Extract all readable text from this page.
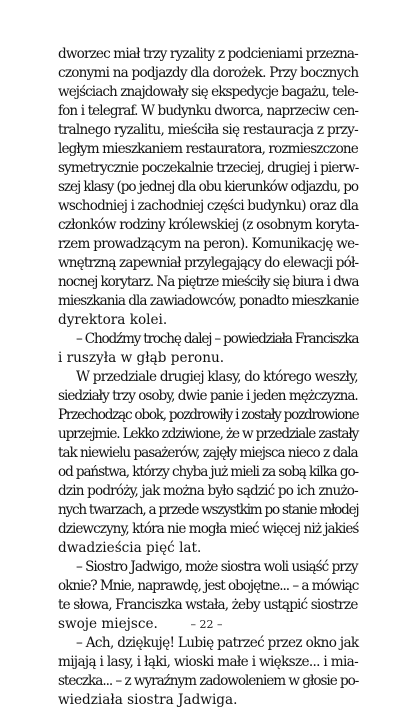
dworzec miał trzy ryzality z podcieniami przezna-
czonymi na podjazdy dla dorożek. Przy bocznych
wejściach znajdowały się ekspedycje bagażu, tele-
fon i telegraf. W budynku dworca, naprzeciw cen-
tralnego ryzalitu, mieściła się restauracja z przy-
ległym mieszkaniem restauratora, rozmieszczone
symetrycznie poczekalnie trzeciej, drugiej i pierw-
szej klasy (po jednej dla obu kierunków odjazdu, po
wschodniej i zachodniej części budynku) oraz dla
członków rodziny królewskiej (z osobnym koryta-
rzem prowadzącym na peron). Komunikację we-
wnętrzną zapewniał przylegający do elewacji pół-
nocnej korytarz. Na piętrze mieściły się biura i dwa
mieszkania dla zawiadowców, ponadto mieszkanie
dyrektora kolei.
– Chodźmy trochę dalej – powiedziała Franciszka
i ruszyła w głąb peronu.
W przedziale drugiej klasy, do którego weszły,
siedziały trzy osoby, dwie panie i jeden mężczyzna.
Przechodząc obok, pozdrowiły i zostały pozdrowione
uprzejmie. Lekko zdziwione, że w przedziale zastały
tak niewielu pasażerów, zajęły miejsca nieco z dala
od państwa, którzy chyba już mieli za sobą kilka go-
dzin podróży, jak można było sądzić po ich znużo-
nych twarzach, a przede wszystkim po stanie młodej
dziewczyny, która nie mogła mieć więcej niż jakieś
dwadzieścia pięć lat.
– Siostro Jadwigo, może siostra woli usiąść przy
oknie? Mnie, naprawdę, jest obojętne... – a mówiąc
te słowa, Franciszka wstała, żeby ustąpić siostrze
swoje miejsce.
– Ach, dziękuję! Lubię patrzeć przez okno jak
mijają i lasy, i łąki, wioski małe i większe... i mia-
steczka... – z wyraźnym zadowoleniem w głosie po-
wiedziała siostra Jadwiga.
– 22 –
